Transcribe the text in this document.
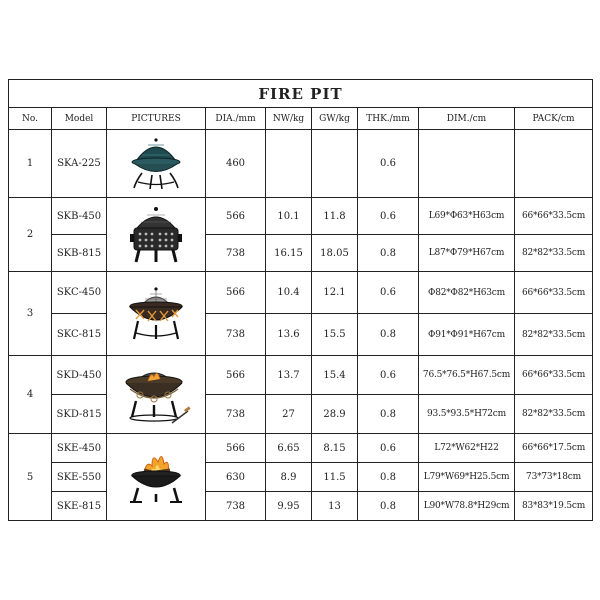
FIRE PIT								
No.	Model	PICTURES	DIA./mm	NW/kg	GW/kg	THK./mm	DIM./cm	PACK/cm
1	SKA-225		460			0.6		
2	SKB-450		566	10.1	11.8	0.6	L69*Φ63*H63cm	66*66*33.5cm
	SKB-815		738	16.15	18.05	0.8	L87*Φ79*H67cm	82*82*33.5cm
3	SKC-450		566	10.4	12.1	0.6	Φ82*Φ82*H63cm	66*66*33.5cm
	SKC-815		738	13.6	15.5	0.8	Φ91*Φ91*H67cm	82*82*33.5cm
4	SKD-450		566	13.7	15.4	0.6	76.5*76.5*H67.5cm	66*66*33.5cm
	SKD-815		738	27	28.9	0.8	93.5*93.5*H72cm	82*82*33.5cm
5	SKE-450		566	6.65	8.15	0.6	L72*W62*H22	66*66*17.5cm
	SKE-550		630	8.9	11.5	0.8	L79*W69*H25.5cm	73*73*18cm
	SKE-815		738	9.95	13	0.8	L90*W78.8*H29cm	83*83*19.5cm
